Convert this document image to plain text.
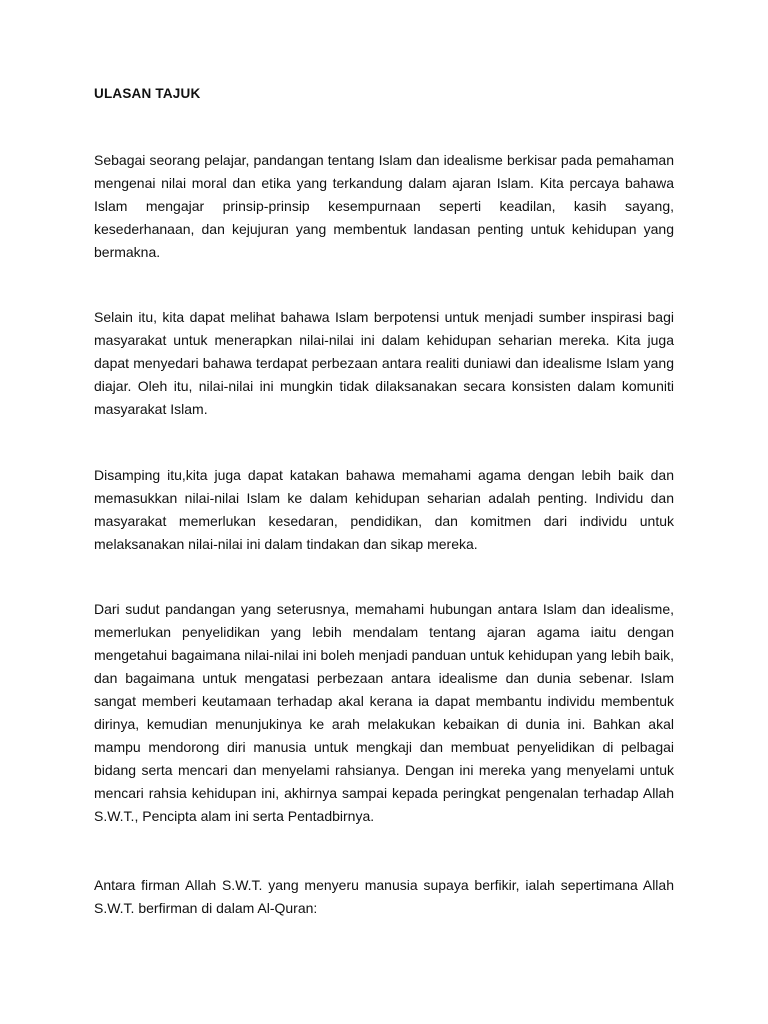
ULASAN TAJUK

Sebagai seorang pelajar, pandangan tentang Islam dan idealisme berkisar pada pemahaman mengenai nilai moral dan etika yang terkandung dalam ajaran Islam. Kita percaya bahawa Islam mengajar prinsip-prinsip kesempurnaan seperti keadilan, kasih sayang, kesederhanaan, dan kejujuran yang membentuk landasan penting untuk kehidupan yang bermakna.

Selain itu, kita dapat melihat bahawa Islam berpotensi untuk menjadi sumber inspirasi bagi masyarakat untuk menerapkan nilai-nilai ini dalam kehidupan seharian mereka. Kita juga dapat menyedari bahawa terdapat perbezaan antara realiti duniawi dan idealisme Islam yang diajar. Oleh itu, nilai-nilai ini mungkin tidak dilaksanakan secara konsisten dalam komuniti masyarakat Islam.

Disamping itu,kita juga dapat katakan bahawa memahami agama dengan lebih baik dan memasukkan nilai-nilai Islam ke dalam kehidupan seharian adalah penting. Individu dan masyarakat memerlukan kesedaran, pendidikan, dan komitmen dari individu untuk melaksanakan nilai-nilai ini dalam tindakan dan sikap mereka.

Dari sudut pandangan yang seterusnya, memahami hubungan antara Islam dan idealisme, memerlukan penyelidikan yang lebih mendalam tentang ajaran agama iaitu dengan mengetahui bagaimana nilai-nilai ini boleh menjadi panduan untuk kehidupan yang lebih baik, dan bagaimana untuk mengatasi perbezaan antara idealisme dan dunia sebenar. Islam sangat memberi keutamaan terhadap akal kerana ia dapat membantu individu membentuk dirinya, kemudian menunjukinya ke arah melakukan kebaikan di dunia ini. Bahkan akal mampu mendorong diri manusia untuk mengkaji dan membuat penyelidikan di pelbagai bidang serta mencari dan menyelami rahsianya. Dengan ini mereka yang menyelami untuk mencari rahsia kehidupan ini, akhirnya sampai kepada peringkat pengenalan terhadap Allah S.W.T., Pencipta alam ini serta Pentadbirnya.

Antara firman Allah S.W.T. yang menyeru manusia supaya berfikir, ialah sepertimana Allah S.W.T. berfirman di dalam Al-Quran:
